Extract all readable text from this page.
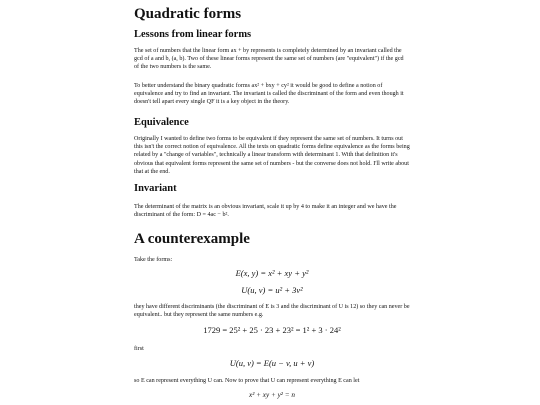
Quadratic forms
Lessons from linear forms

The set of numbers that the linear form ax + by represents is completely determined by an invariant called the gcd of a and b, (a, b). Two of these linear forms represent the same set of numbers (are "equivalent") if the gcd of the two numbers is the same.

To better understand the binary quadratic forms ax² + bxy + cy² it would be good to define a notion of equivalence and try to find an invariant. The invariant is called the discriminant of the form and even though it doesn't tell apart every single QF it is a key object in the theory.

Equivalence

Originally I wanted to define two forms to be equivalent if they represent the same set of numbers. It turns out this isn't the correct notion of equivalence. All the texts on quadratic forms define equivalence as the forms being related by a "change of variables", technically a linear transform with determinant 1. With that definition it's obvious that equivalent forms represent the same set of numbers - but the converse does not hold. I'll write about that at the end.

Invariant

The determinant of the matrix is an obvious invariant, scale it up by 4 to make it an integer and we have the discriminant of the form: D = 4ac − b².

A counterexample

Take the forms:

E(x, y) = x² + xy + y²
U(u, v) = u² + 3v²

they have different discriminants (the discriminant of E is 3 and the discriminant of U is 12) so they can never be equivalent.. but they represent the same numbers e.g.

1729 = 25² + 25 · 23 + 23² = 1² + 3 · 24²

first

U(u, v) = E(u − v, u + v)

so E can represent everything U can. Now to prove that U can represent everything E can let

x² + xy + y² = n
